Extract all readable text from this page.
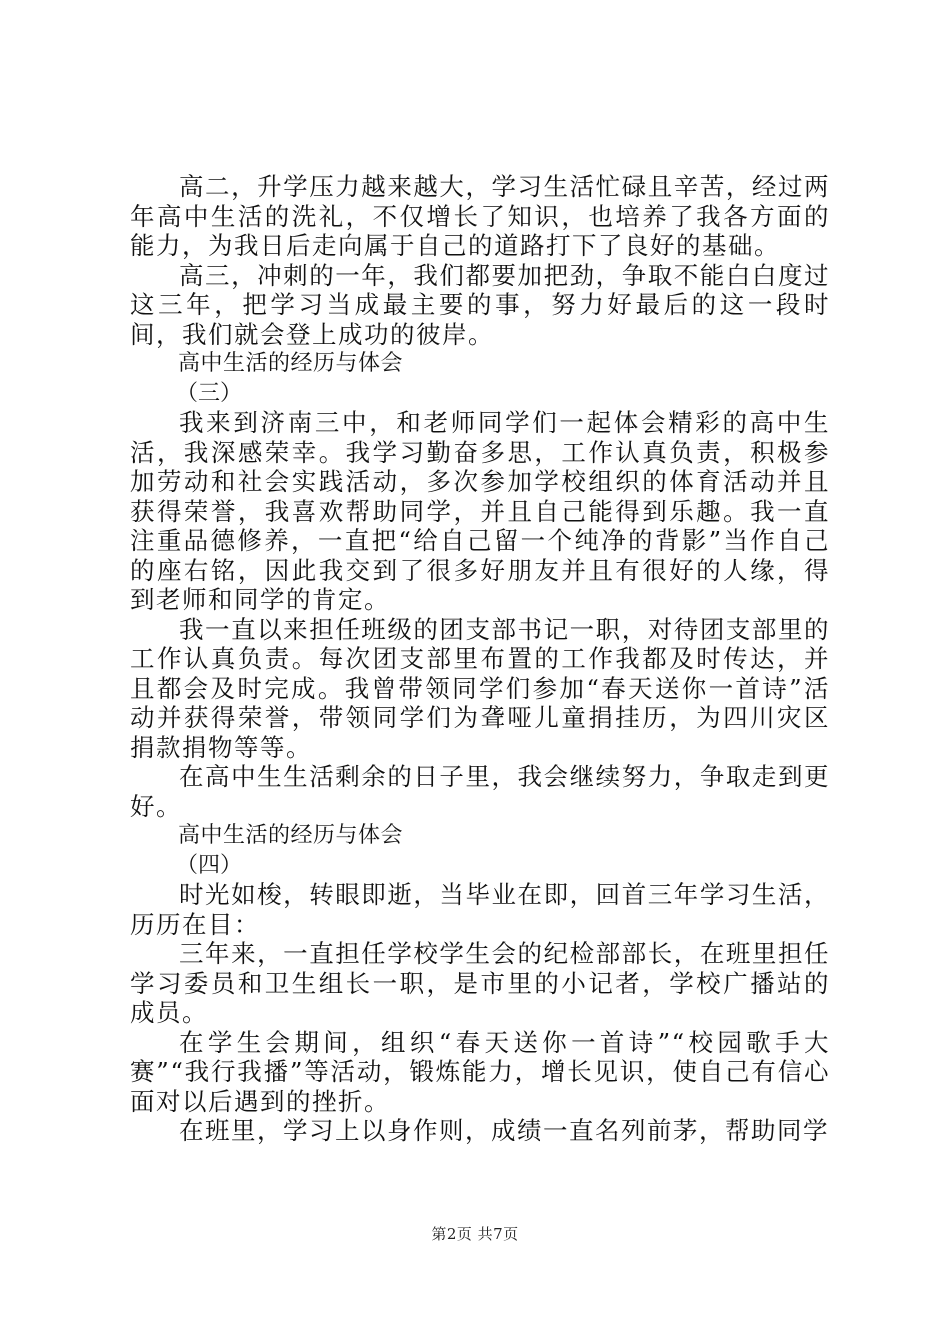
高二，升学压力越来越大，学习生活忙碌且辛苦，经过两年高中生活的洗礼，不仅增长了知识，也培养了我各方面的能力，为我日后走向属于自己的道路打下了良好的基础。

高三，冲刺的一年，我们都要加把劲，争取不能白白度过这三年，把学习当成最主要的事，努力好最后的这一段时间，我们就会登上成功的彼岸。

高中生活的经历与体会

（三）

我来到济南三中，和老师同学们一起体会精彩的高中生活，我深感荣幸。我学习勤奋多思，工作认真负责，积极参加劳动和社会实践活动，多次参加学校组织的体育活动并且获得荣誉，我喜欢帮助同学，并且自己能得到乐趣。我一直注重品德修养，一直把“给自己留一个纯净的背影”当作自己的座右铭，因此我交到了很多好朋友并且有很好的人缘，得到老师和同学的肯定。

我一直以来担任班级的团支部书记一职，对待团支部里的工作认真负责。每次团支部里布置的工作我都及时传达，并且都会及时完成。我曾带领同学们参加“春天送你一首诗”活动并获得荣誉，带领同学们为聋哑儿童捐挂历，为四川灾区捐款捐物等等。

在高中生生活剩余的日子里，我会继续努力，争取走到更好。

高中生活的经历与体会

（四）

时光如梭，转眼即逝，当毕业在即，回首三年学习生活，历历在目：

三年来，一直担任学校学生会的纪检部部长，在班里担任学习委员和卫生组长一职，是市里的小记者，学校广播站的成员。

在学生会期间，组织“春天送你一首诗”“校园歌手大赛”“我行我播”等活动，锻炼能力，增长见识，使自己有信心面对以后遇到的挫折。

在班里，学习上以身作则，成绩一直名列前茅，帮助同学

第2页 共7页
